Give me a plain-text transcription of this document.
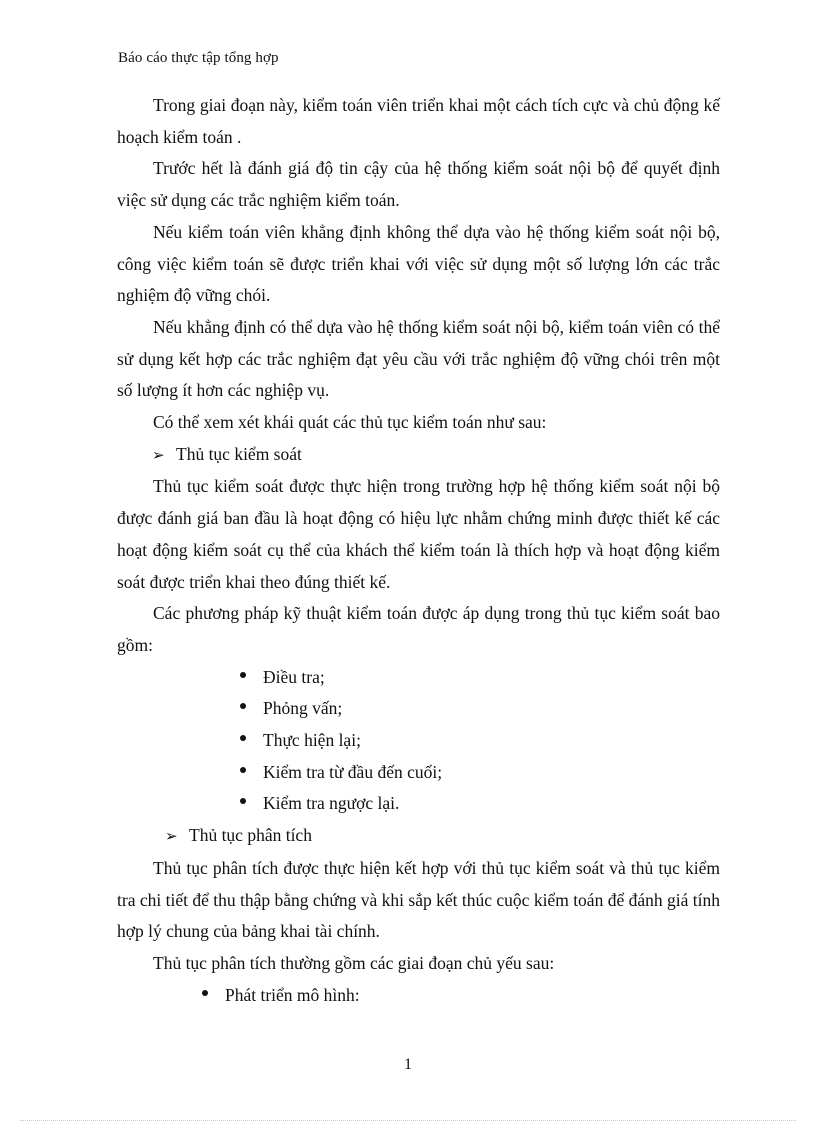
Báo cáo thực tập tổng hợp

Trong giai đoạn này, kiểm toán viên triển khai một cách tích cực và chủ động kế hoạch kiểm toán .

Trước hết là đánh giá độ tin cậy của hệ thống kiểm soát nội bộ để quyết định việc sử dụng các trắc nghiệm kiểm toán.

Nếu kiểm toán viên khẳng định không thể dựa vào hệ thống kiểm soát nội bộ, công việc kiểm toán sẽ được triển khai với việc sử dụng một số lượng lớn các trắc nghiệm độ vững chói.

Nếu khẳng định có thể dựa vào hệ thống kiểm soát nội bộ, kiểm toán viên có thể sử dụng kết hợp các trắc nghiệm đạt yêu cầu với trắc nghiệm độ vững chói trên một số lượng ít hơn các nghiệp vụ.

Có thể xem xét khái quát các thủ tục kiểm toán như sau:

➢ Thủ tục kiểm soát

Thủ tục kiểm soát được thực hiện trong trường hợp hệ thống kiểm soát nội bộ được đánh giá ban đầu là hoạt động có hiệu lực nhằm chứng minh được thiết kế các hoạt động kiểm soát cụ thể của khách thể kiểm toán là thích hợp và hoạt động kiểm soát được triển khai theo đúng thiết kế.

Các phương pháp kỹ thuật kiểm toán được áp dụng trong thủ tục kiểm soát bao gồm:

Điều tra;
Phỏng vấn;
Thực hiện lại;
Kiểm tra từ đầu đến cuối;
Kiểm tra ngược lại.

➢ Thủ tục phân tích

Thủ tục phân tích được thực hiện kết hợp với thủ tục kiểm soát và thủ tục kiểm tra chi tiết để thu thập bằng chứng và khi sắp kết thúc cuộc kiểm toán để đánh giá tính hợp lý chung của bảng khai tài chính.

Thủ tục phân tích thường gồm các giai đoạn chủ yếu sau:

Phát triển mô hình:
1
